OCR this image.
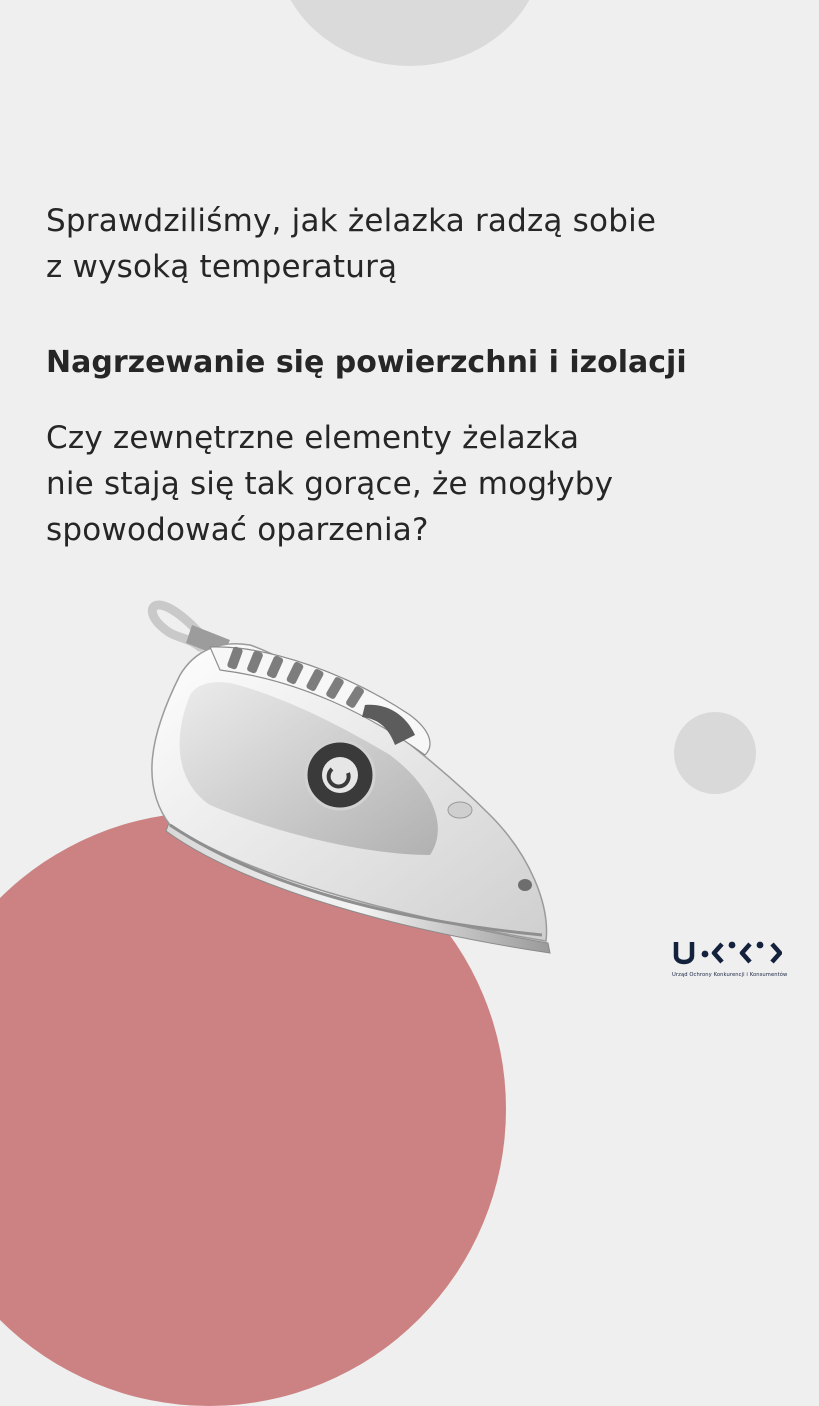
Sprawdziliśmy, jak żelazka radzą sobie
z wysoką temperaturą

Nagrzewanie się powierzchni i izolacji

Czy zewnętrzne elementy żelazka
nie stają się tak gorące, że mogłyby
spowodować oparzenia?

Urząd Ochrony Konkurencji i Konsumentów
